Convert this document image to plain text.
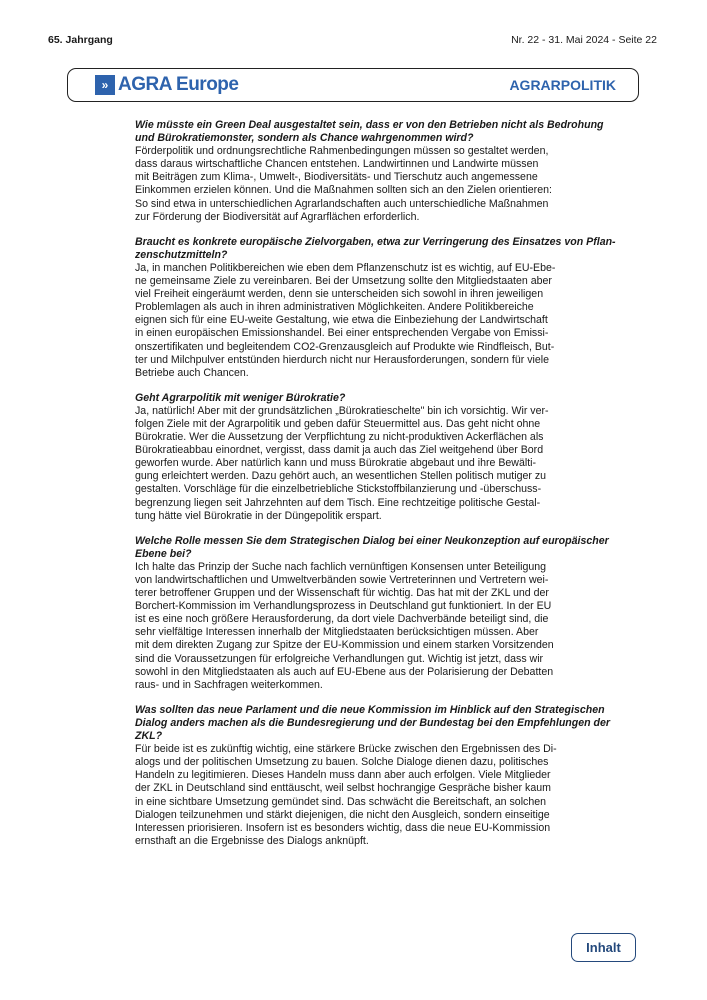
65. Jahrgang	Nr. 22 - 31. Mai 2024 - Seite 22
» AGRA Europe	AGRARPOLITIK
Wie müsste ein Green Deal ausgestaltet sein, dass er von den Betrieben nicht als Bedrohung
und Bürokratiemonster, sondern als Chance wahrgenommen wird?
Förderpolitik und ordnungsrechtliche Rahmenbedingungen müssen so gestaltet werden,
dass daraus wirtschaftliche Chancen entstehen. Landwirtinnen und Landwirte müssen
mit Beiträgen zum Klima-, Umwelt-, Biodiversitäts- und Tierschutz auch angemessene
Einkommen erzielen können. Und die Maßnahmen sollten sich an den Zielen orientieren:
So sind etwa in unterschiedlichen Agrarlandschaften auch unterschiedliche Maßnahmen
zur Förderung der Biodiversität auf Agrarflächen erforderlich.
Braucht es konkrete europäische Zielvorgaben, etwa zur Verringerung des Einsatzes von Pflan-
zenschutzmitteln?
Ja, in manchen Politikbereichen wie eben dem Pflanzenschutz ist es wichtig, auf EU-Ebe-
ne gemeinsame Ziele zu vereinbaren. Bei der Umsetzung sollte den Mitgliedstaaten aber
viel Freiheit eingeräumt werden, denn sie unterscheiden sich sowohl in ihren jeweiligen
Problemlagen als auch in ihren administrativen Möglichkeiten. Andere Politikbereiche
eignen sich für eine EU-weite Gestaltung, wie etwa die Einbeziehung der Landwirtschaft
in einen europäischen Emissionshandel. Bei einer entsprechenden Vergabe von Emissi-
onszertifikaten und begleitendem CO2-Grenzausgleich auf Produkte wie Rindfleisch, But-
ter und Milchpulver entstünden hierdurch nicht nur Herausforderungen, sondern für viele
Betriebe auch Chancen.
Geht Agrarpolitik mit weniger Bürokratie?
Ja, natürlich! Aber mit der grundsätzlichen „Bürokratieschelte" bin ich vorsichtig. Wir ver-
folgen Ziele mit der Agrarpolitik und geben dafür Steuermittel aus. Das geht nicht ohne
Bürokratie. Wer die Aussetzung der Verpflichtung zu nicht-produktiven Ackerflächen als
Bürokratieabbau einordnet, vergisst, dass damit ja auch das Ziel weitgehend über Bord
geworfen wurde. Aber natürlich kann und muss Bürokratie abgebaut und ihre Bewälti-
gung erleichtert werden. Dazu gehört auch, an wesentlichen Stellen politisch mutiger zu
gestalten. Vorschläge für die einzelbetriebliche Stickstoffbilanzierung und -überschuss-
begrenzung liegen seit Jahrzehnten auf dem Tisch. Eine rechtzeitige politische Gestal-
tung hätte viel Bürokratie in der Düngepolitik erspart.
Welche Rolle messen Sie dem Strategischen Dialog bei einer Neukonzeption auf europäischer
Ebene bei?
Ich halte das Prinzip der Suche nach fachlich vernünftigen Konsensen unter Beteiligung
von landwirtschaftlichen und Umweltverbänden sowie Vertreterinnen und Vertretern wei-
terer betroffener Gruppen und der Wissenschaft für wichtig. Das hat mit der ZKL und der
Borchert-Kommission im Verhandlungsprozess in Deutschland gut funktioniert. In der EU
ist es eine noch größere Herausforderung, da dort viele Dachverbände beteiligt sind, die
sehr vielfältige Interessen innerhalb der Mitgliedstaaten berücksichtigen müssen. Aber
mit dem direkten Zugang zur Spitze der EU-Kommission und einem starken Vorsitzenden
sind die Voraussetzungen für erfolgreiche Verhandlungen gut. Wichtig ist jetzt, dass wir
sowohl in den Mitgliedstaaten als auch auf EU-Ebene aus der Polarisierung der Debatten
raus- und in Sachfragen weiterkommen.
Was sollten das neue Parlament und die neue Kommission im Hinblick auf den Strategischen
Dialog anders machen als die Bundesregierung und der Bundestag bei den Empfehlungen der
ZKL?
Für beide ist es zukünftig wichtig, eine stärkere Brücke zwischen den Ergebnissen des Di-
alogs und der politischen Umsetzung zu bauen. Solche Dialoge dienen dazu, politisches
Handeln zu legitimieren. Dieses Handeln muss dann aber auch erfolgen. Viele Mitglieder
der ZKL in Deutschland sind enttäuscht, weil selbst hochrangige Gespräche bisher kaum
in eine sichtbare Umsetzung gemündet sind. Das schwächt die Bereitschaft, an solchen
Dialogen teilzunehmen und stärkt diejenigen, die nicht den Ausgleich, sondern einseitige
Interessen priorisieren. Insofern ist es besonders wichtig, dass die neue EU-Kommission
ernsthaft an die Ergebnisse des Dialogs anknüpft.
Inhalt
